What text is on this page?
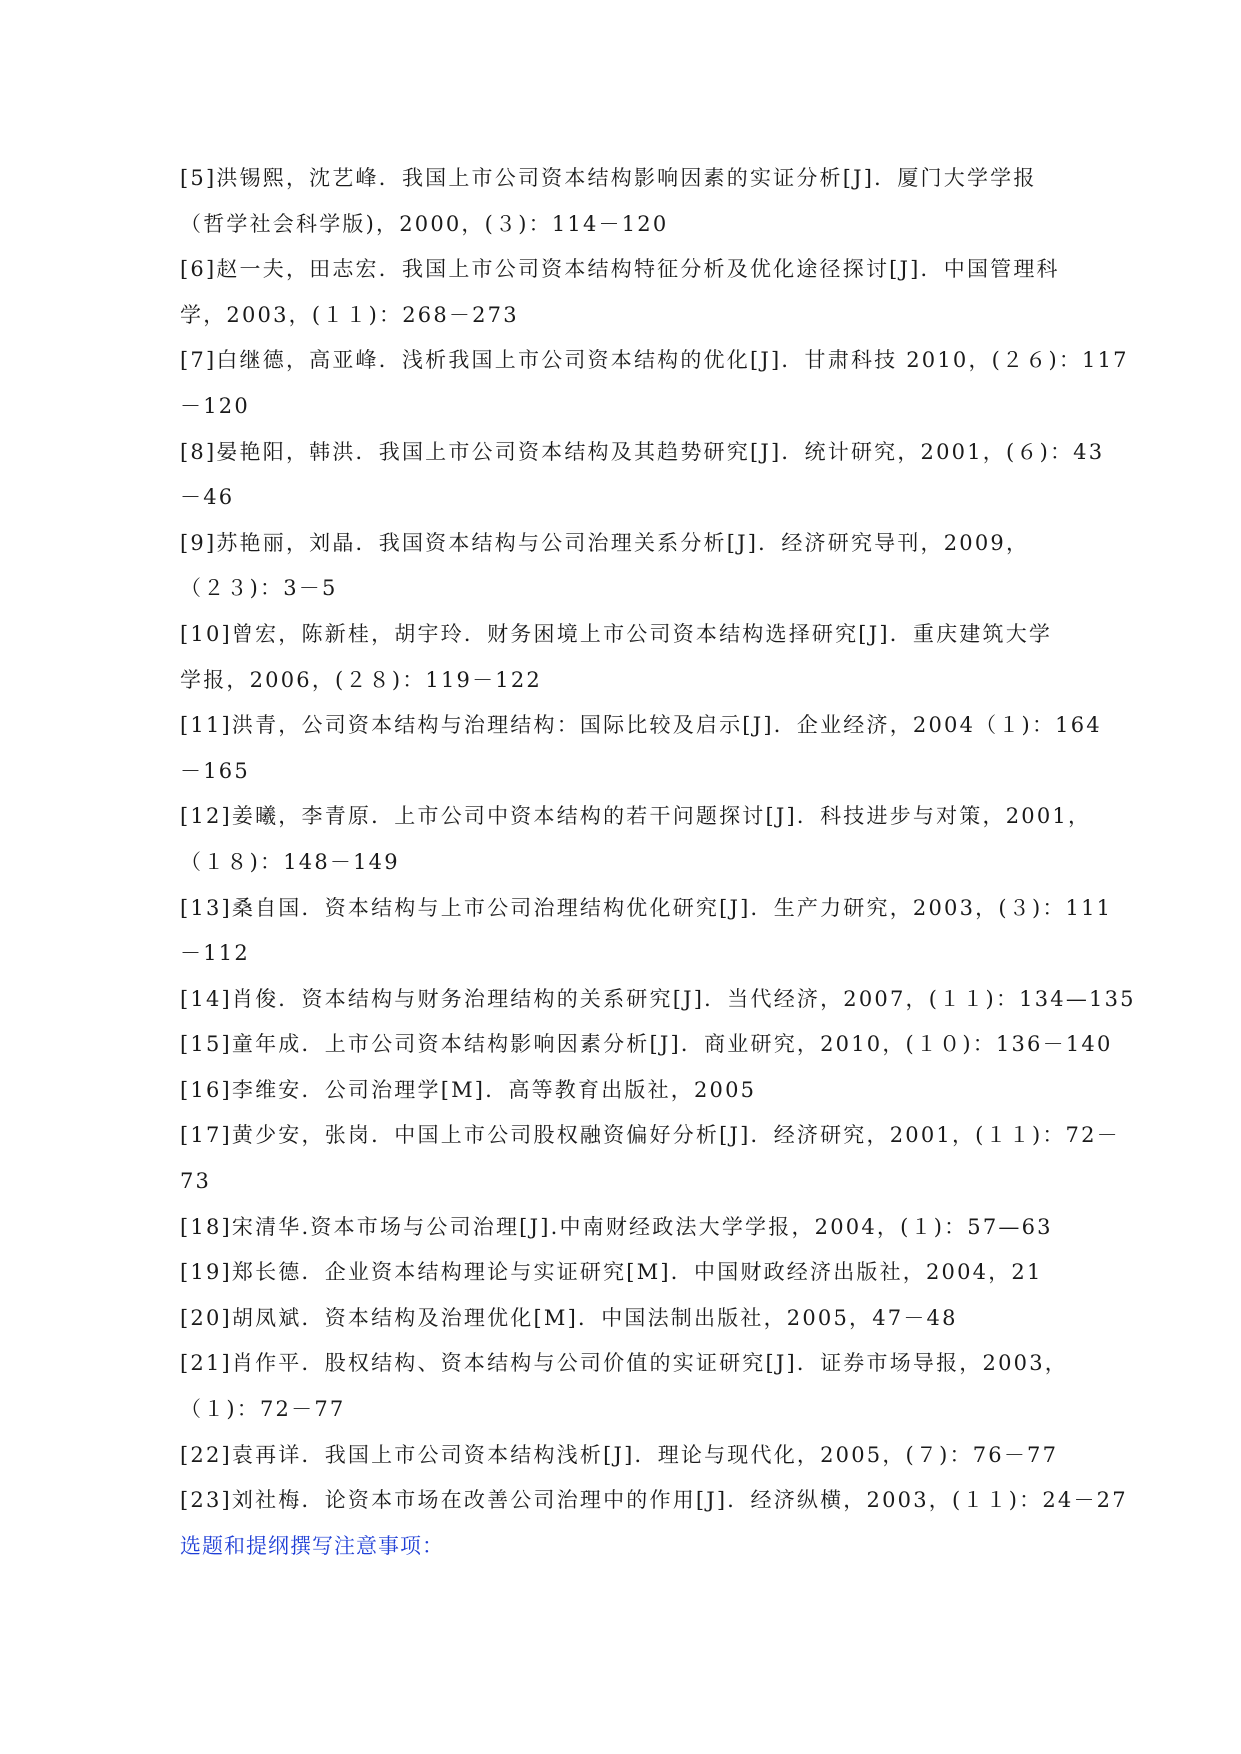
[5]洪锡熙，沈艺峰．我国上市公司资本结构影响因素的实证分析[J]．厦门大学学报
（哲学社会科学版)，2000，(３)：114－120
[6]赵一夫，田志宏．我国上市公司资本结构特征分析及优化途径探讨[J]．中国管理科
学，2003，(１１)：268－273
[7]白继德，高亚峰．浅析我国上市公司资本结构的优化[J]．甘肃科技 2010，(２６)：117
－120
[8]晏艳阳，韩洪．我国上市公司资本结构及其趋势研究[J]．统计研究，2001，(６)：43
－46
[9]苏艳丽，刘晶．我国资本结构与公司治理关系分析[J]．经济研究导刊，2009，
（２３)：3－5
[10]曾宏，陈新桂，胡宇玲．财务困境上市公司资本结构选择研究[J]．重庆建筑大学
学报，2006，(２８)：119－122
[11]洪青，公司资本结构与治理结构：国际比较及启示[J]．企业经济，2004（１)：164
－165
[12]姜曦，李青原．上市公司中资本结构的若干问题探讨[J]．科技进步与对策，2001，
（１８)：148－149
[13]桑自国．资本结构与上市公司治理结构优化研究[J]．生产力研究，2003，(３)：111
－112
[14]肖俊．资本结构与财务治理结构的关系研究[J]．当代经济，2007，(１１)：134—135
[15]童年成．上市公司资本结构影响因素分析[J]．商业研究，2010，(１０)：136－140
[16]李维安．公司治理学[M]．高等教育出版社，2005
[17]黄少安，张岗．中国上市公司股权融资偏好分析[J]．经济研究，2001，(１１)：72－
73
[18]宋清华.资本市场与公司治理[J].中南财经政法大学学报，2004，(１)：57—63
[19]郑长德．企业资本结构理论与实证研究[M]．中国财政经济出版社，2004，21
[20]胡凤斌．资本结构及治理优化[M]．中国法制出版社，2005，47－48
[21]肖作平．股权结构、资本结构与公司价值的实证研究[J]．证券市场导报，2003，
（１)：72－77
[22]袁再详．我国上市公司资本结构浅析[J]．理论与现代化，2005，(７)：76－77
[23]刘社梅．论资本市场在改善公司治理中的作用[J]．经济纵横，2003，(１１)：24－27
选题和提纲撰写注意事项：
